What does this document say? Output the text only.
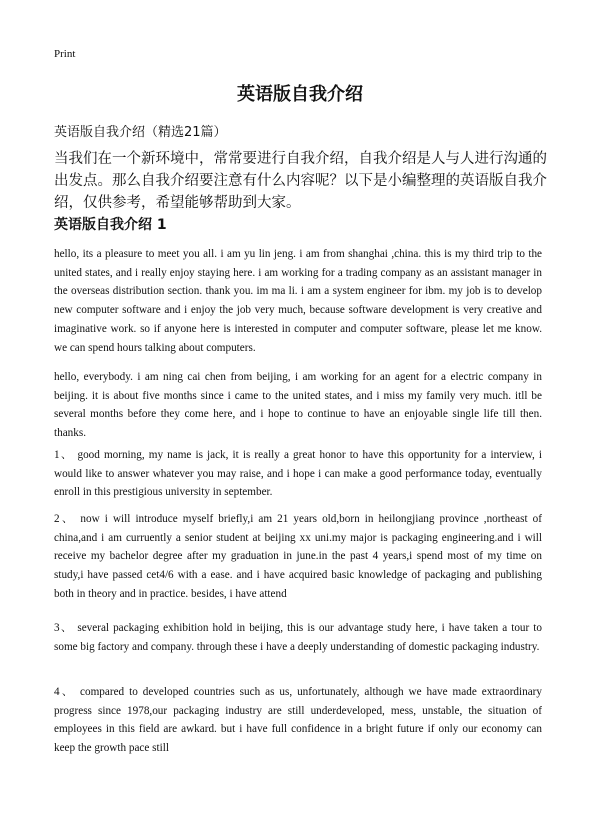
Print
英语版自我介绍
英语版自我介绍（精选21篇）
当我们在一个新环境中，常常要进行自我介绍，自我介绍是人与人进行沟通的出发点。那么自我介绍要注意有什么内容呢？以下是小编整理的英语版自我介绍，仅供参考，希望能够帮助到大家。
英语版自我介绍 1
hello, its a pleasure to meet you all. i am yu lin jeng. i am from shanghai ,china. this is my third trip to the united states, and i really enjoy staying here. i am working for a trading company as an assistant manager in the overseas distribution section. thank you. im ma li. i am a system engineer for ibm. my job is to develop new computer software and i enjoy the job very much, because software development is very creative and imaginative work. so if anyone here is interested in computer and computer software, please let me know. we can spend hours talking about computers.
hello, everybody. i am ning cai chen from beijing, i am working for an agent for a electric company in beijing. it is about five months since i came to the united states, and i miss my family very much. itll be several months before they come here, and i hope to continue to have an enjoyable single life till then. thanks.
1、 good morning, my name is jack, it is really a great honor to have this opportunity for a interview, i would like to answer whatever you may raise, and i hope i can make a good performance today, eventually enroll in this prestigious university in september.
2、 now i will introduce myself briefly,i am 21 years old,born in heilongjiang province ,northeast of china,and i am curruently a senior student at beijing xx uni.my major is packaging engineering.and i will receive my bachelor degree after my graduation in june.in the past 4 years,i spend most of my time on study,i have passed cet4/6 with a ease. and i have acquired basic knowledge of packaging and publishing both in theory and in practice. besides, i have attend
3、 several packaging exhibition hold in beijing, this is our advantage study here, i have taken a tour to some big factory and company. through these i have a deeply understanding of domestic packaging industry.
4、 compared to developed countries such as us, unfortunately, although we have made extraordinary progress since 1978,our packaging industry are still underdeveloped, mess, unstable, the situation of employees in this field are awkard. but i have full confidence in a bright future if only our economy can keep the growth pace still
